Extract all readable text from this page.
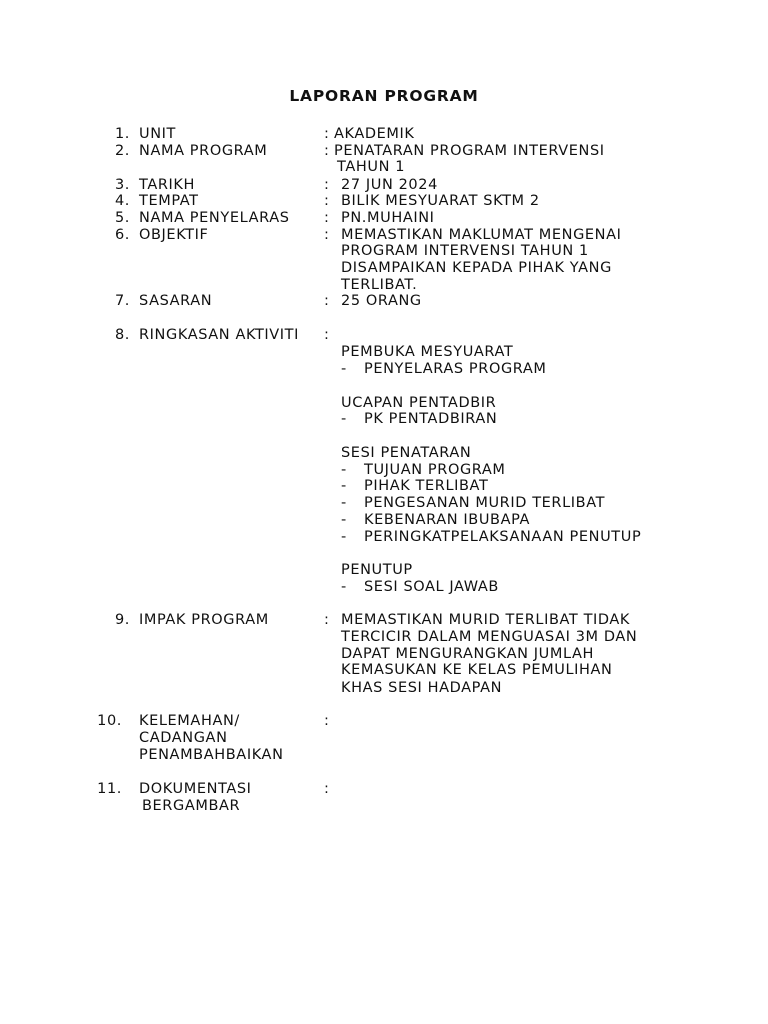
LAPORAN PROGRAM
1. UNIT	: AKADEMIK
2. NAMA PROGRAM	: PENATARAN PROGRAM INTERVENSI
TAHUN 1
3. TARIKH	: 27 JUN 2024
4. TEMPAT	: BILIK MESYUARAT SKTM 2
5. NAMA PENYELARAS : PN.MUHAINI
6. OBJEKTIF	: MEMASTIKAN MAKLUMAT MENGENAI
PROGRAM INTERVENSI TAHUN 1
DISAMPAIKAN KEPADA PIHAK YANG
TERLIBAT.
7. SASARAN	: 25 ORANG
8. RINGKASAN AKTIVITI :
PEMBUKA MESYUARAT
- PENYELARAS PROGRAM
UCAPAN PENTADBIR
- PK PENTADBIRAN
SESI PENATARAN
- TUJUAN PROGRAM
- PIHAK TERLIBAT
- PENGESANAN MURID TERLIBAT
- KEBENARAN IBUBAPA
- PERINGKATPELAKSANAAN PENUTUP
PENUTUP
- SESI SOAL JAWAB
9. IMPAK PROGRAM	: MEMASTIKAN MURID TERLIBAT TIDAK
TERCICIR DALAM MENGUASAI 3M DAN
DAPAT MENGURANGKAN JUMLAH
KEMASUKAN KE KELAS PEMULIHAN
KHAS SESI HADAPAN
10. KELEMAHAN/
CADANGAN
PENAMBAHBAIKAN
:
11. DOKUMENTASI
BERGAMBAR
:
